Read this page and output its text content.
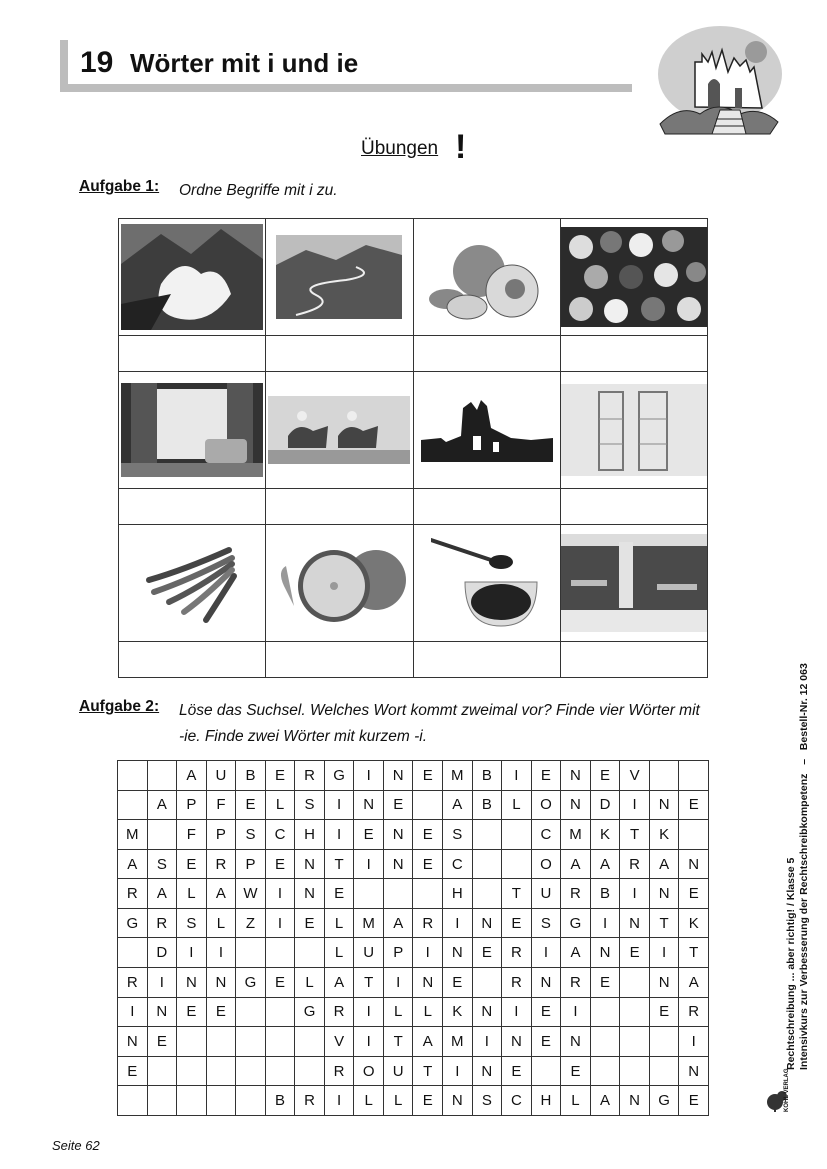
19 Wörter mit i und ie
Übungen !
Aufgabe 1: Ordne Begriffe mit i zu.

Aufgabe 2: Löse das Suchsel. Welches Wort kommt zweimal vor? Finde vier Wörter mit -ie. Finde zwei Wörter mit kurzem -i.
		A	U	B	E	R	G	I	N	E	M	B	I	E	N	E	V		
	A	P	F	E	L	S	I	N	E		A	B	L	O	N	D	I	N	E
M		F	P	S	C	H	I	E	N	E	S			C	M	K	T	K	
A	S	E	R	P	E	N	T	I	N	E	C			O	A	A	R	A	N
R	A	L	A	W	I	N	E				H		T	U	R	B	I	N	E
G	R	S	L	Z	I	E	L	M	A	R	I	N	E	S	G	I	N	T	K
	D	I	I				L	U	P	I	N	E	R	I	A	N	E	I	T
R	I	N	N	G	E	L	A	T	I	N	E		R	N	R	E		N	A
I	N	E	E			G	R	I	L	L	K	N	I	E	I			E	R
N	E						V	I	T	A	M	I	N	E	N				I
E							R	O	U	T	I	N	E		E				N
					B	R	I	L	L	E	N	S	C	H	L	A	N	G	E
Rechtschreibung ... aber richtig! / Klasse 5 Intensivkurs zur Verbesserung der Rechtschreibkompetenz   –   Bestell-Nr. 12 063
KOHL VERLAG
Seite 62
